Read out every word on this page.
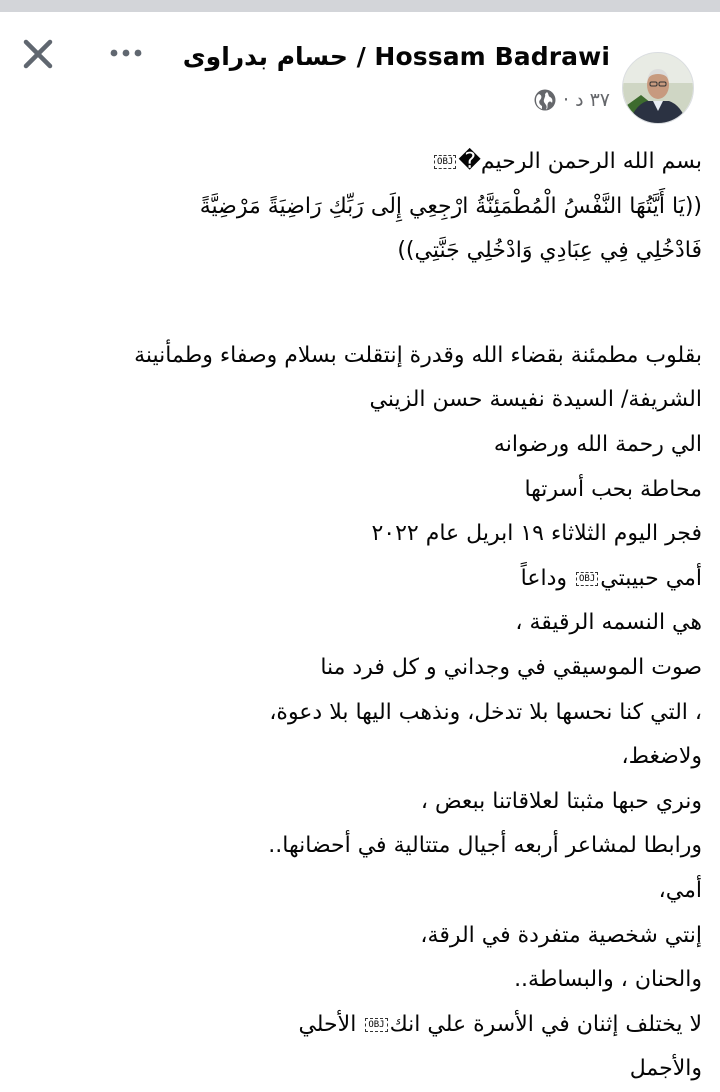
حسام بدراوی / Hossam Badrawi
٣٧ د
·
بسم الله الرحمن الرحيم�OBJ
((يَا أَيَّتُهَا النَّفْسُ الْمُطْمَئِنَّةُ ارْجِعِي إِلَى رَبِّكِ رَاضِيَةً مَرْضِيَّةً
فَادْخُلِي فِي عِبَادِي وَادْخُلِي جَنَّتِي))
بقلوب مطمئنة بقضاء الله وقدرة إنتقلت بسلام وصفاء وطمأنينة
الشريفة/ السيدة نفيسة حسن الزيني
الي رحمة الله ورضوانه
محاطة بحب أسرتها
فجر اليوم الثلاثاء ١٩ ابريل عام ٢٠٢٢
أمي حبيبتيOBJ وداعاً
هي النسمه الرقيقة ،
صوت الموسيقي في وجداني و كل فرد منا
، التي كنا نحسها بلا تدخل، ونذهب اليها بلا دعوة،
ولاضغط،
ونري حبها مثبتا لعلاقاتنا ببعض ،
ورابطا لمشاعر أربعه أجيال متتالية في أحضانها..
أمي،
إنتي شخصية متفردة في الرقة،
والحنان ، والبساطة..
لا يختلف إثنان في الأسرة علي انكOBJ الأحلي
والأجمل
